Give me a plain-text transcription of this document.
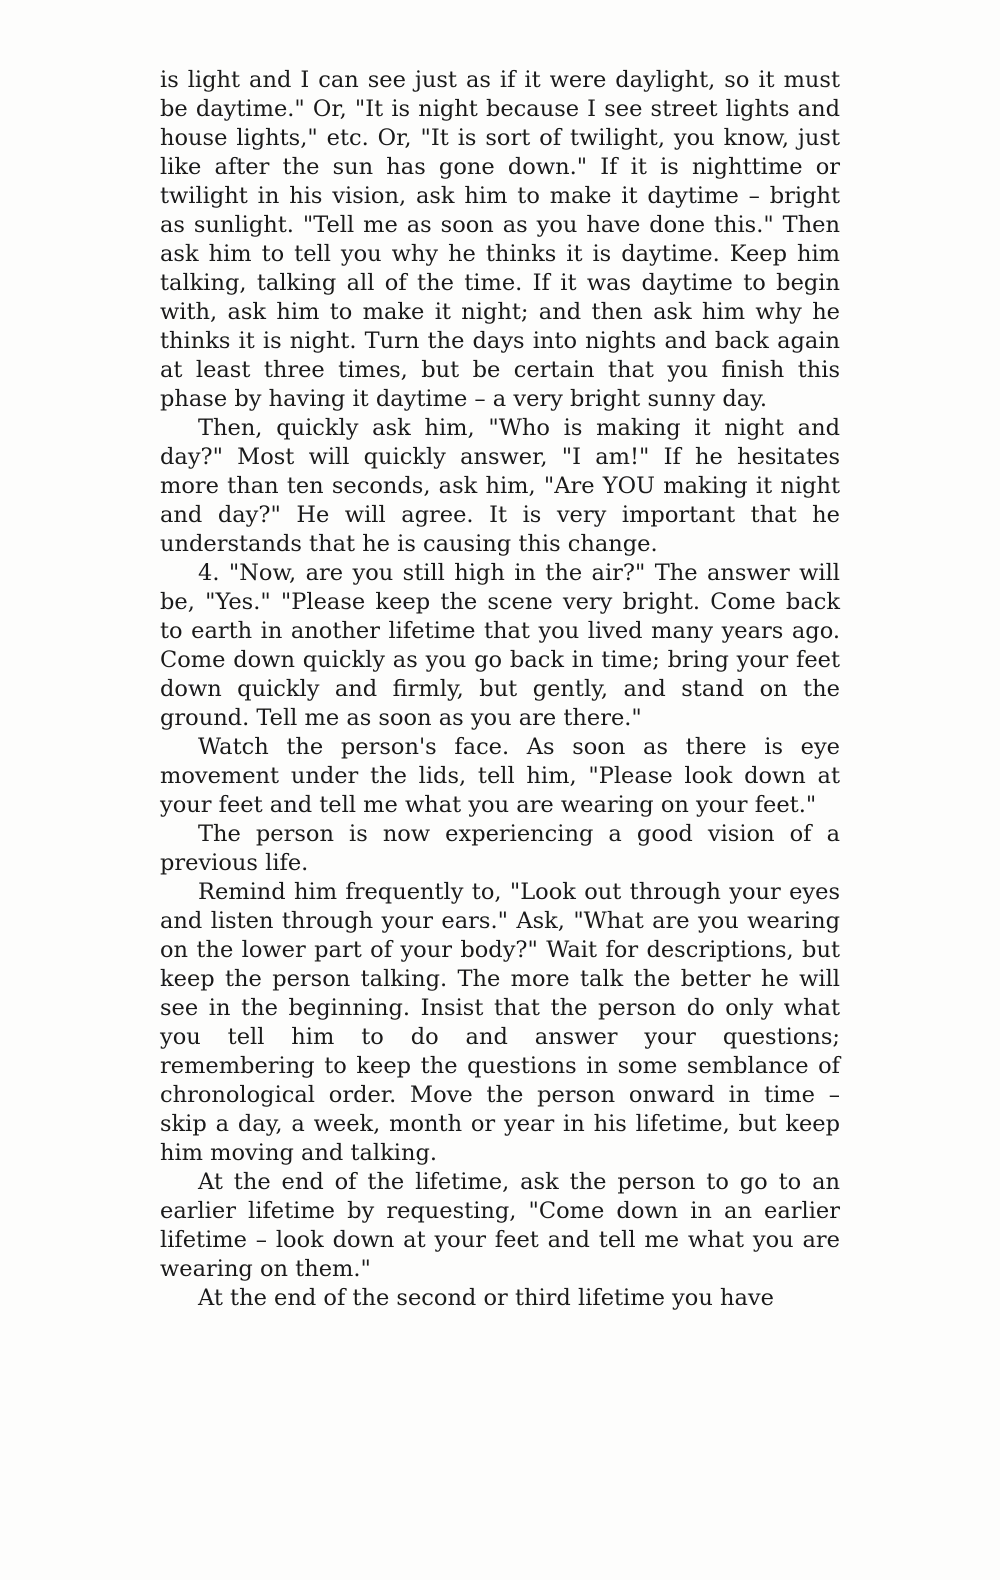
is light and I can see just as if it were daylight, so it must be daytime." Or, "It is night because I see street lights and house lights," etc. Or, "It is sort of twilight, you know, just like after the sun has gone down." If it is nighttime or twilight in his vision, ask him to make it daytime – bright as sunlight. "Tell me as soon as you have done this." Then ask him to tell you why he thinks it is daytime. Keep him talking, talking all of the time. If it was daytime to begin with, ask him to make it night; and then ask him why he thinks it is night. Turn the days into nights and back again at least three times, but be certain that you finish this phase by having it daytime – a very bright sunny day.

Then, quickly ask him, "Who is making it night and day?" Most will quickly answer, "I am!" If he hesitates more than ten seconds, ask him, "Are YOU making it night and day?" He will agree. It is very important that he understands that he is causing this change.

4. "Now, are you still high in the air?" The answer will be, "Yes." "Please keep the scene very bright. Come back to earth in another lifetime that you lived many years ago. Come down quickly as you go back in time; bring your feet down quickly and firmly, but gently, and stand on the ground. Tell me as soon as you are there."

Watch the person's face. As soon as there is eye movement under the lids, tell him, "Please look down at your feet and tell me what you are wearing on your feet."

The person is now experiencing a good vision of a previous life.

Remind him frequently to, "Look out through your eyes and listen through your ears." Ask, "What are you wearing on the lower part of your body?" Wait for descriptions, but keep the person talking. The more talk the better he will see in the beginning. Insist that the person do only what you tell him to do and answer your questions; remembering to keep the questions in some semblance of chronological order. Move the person onward in time – skip a day, a week, month or year in his lifetime, but keep him moving and talking.

At the end of the lifetime, ask the person to go to an earlier lifetime by requesting, "Come down in an earlier lifetime – look down at your feet and tell me what you are wearing on them."

At the end of the second or third lifetime you have
